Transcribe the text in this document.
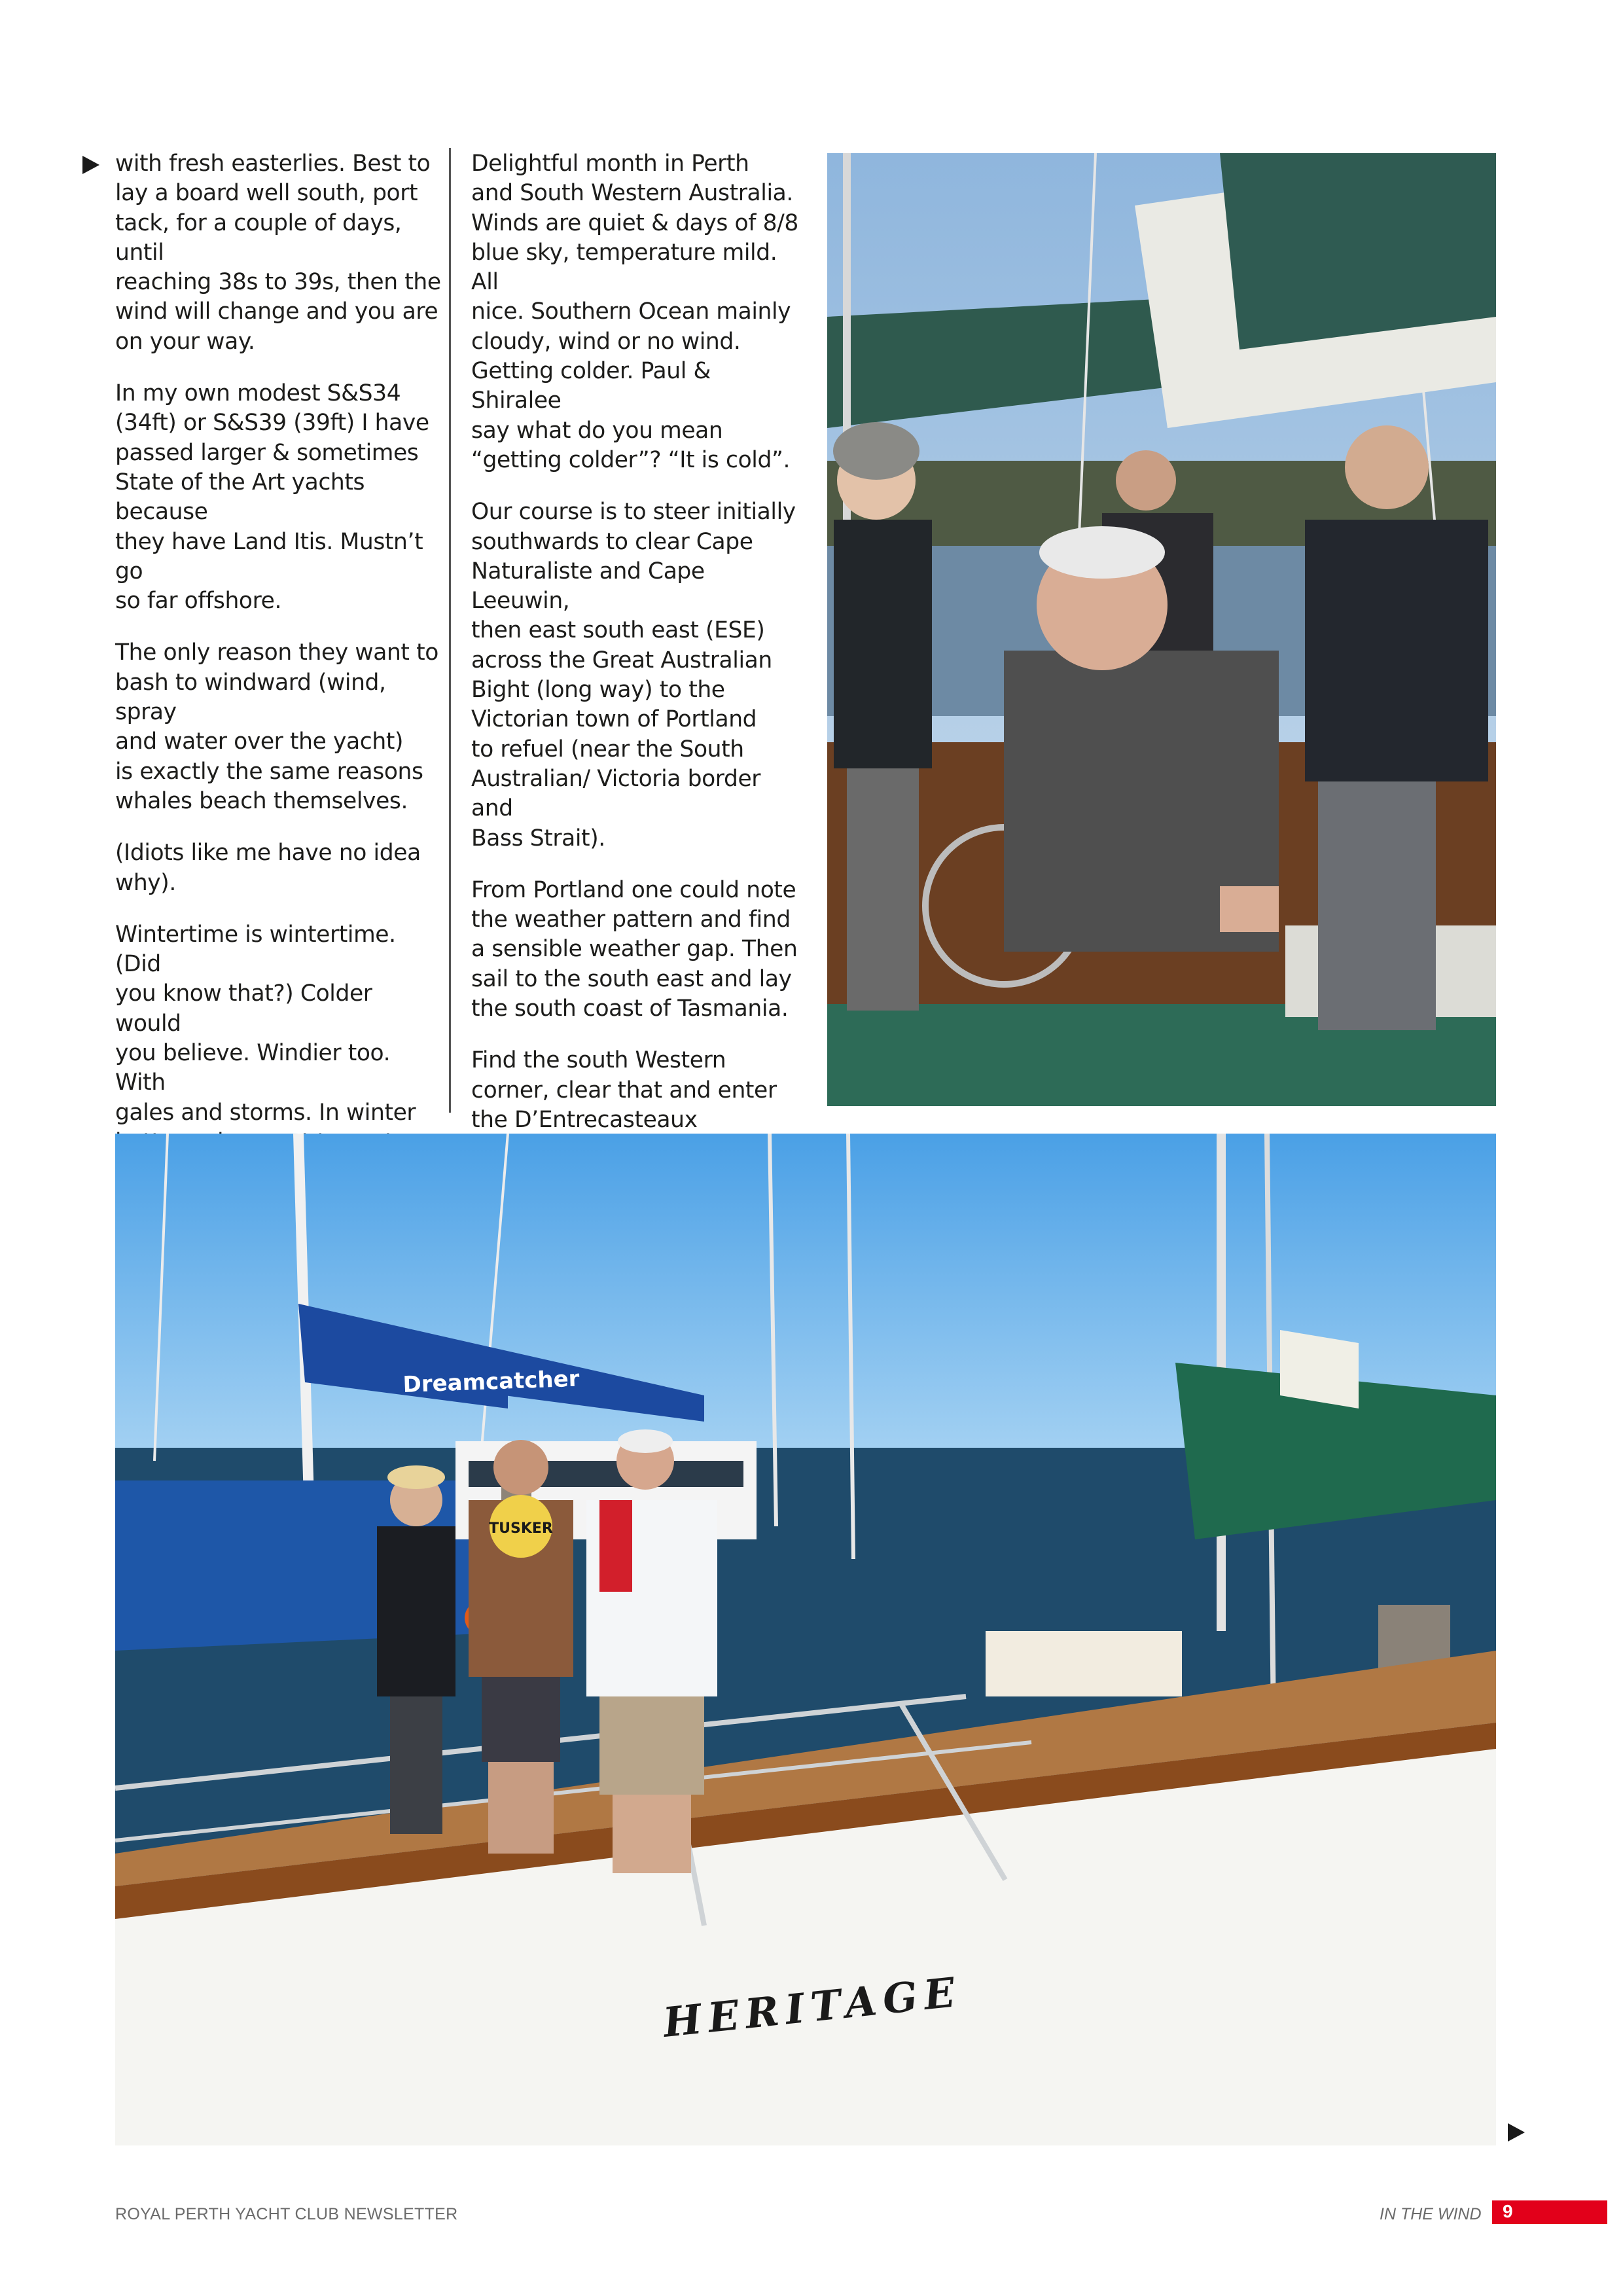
with fresh easterlies. Best to
lay a board well south, port
tack, for a couple of days, until
reaching 38s to 39s, then the
wind will change and you are
on your way.

In my own modest S&S34
(34ft) or S&S39 (39ft) I have
passed larger & sometimes
State of the Art yachts because
they have Land Itis. Mustn’t go
so far offshore.

The only reason they want to
bash to windward (wind, spray
and water over the yacht)
is exactly the same reasons
whales beach themselves.

(Idiots like me have no idea
why).

Wintertime is wintertime. (Did
you know that?) Colder would
you believe. Windier too. With
gales and storms. In winter

Delightful month in Perth
and South Western Australia.
Winds are quiet & days of 8/8
blue sky, temperature mild. All
nice. Southern Ocean mainly
cloudy, wind or no wind.
Getting colder. Paul & Shiralee
say what do you mean
“getting colder”? “It is cold”.

Our course is to steer initially
southwards to clear Cape
Naturaliste and Cape Leeuwin,
then east south east (ESE)
across the Great Australian
Bight (long way) to the
Victorian town of Portland
to refuel (near the South
Australian/ Victoria border and
Bass Strait).

From Portland one could note
the weather pattern and find
a sensible weather gap. Then
sail to the south east and lay
the south coast of Tasmania.

Find the south Western
corner, clear that and enter
the D’Entrecasteaux

Dreamcatcher
HERITAGE
TUSKER
ROYAL PERTH YACHT CLUB NEWSLETTER	IN THE WIND 9
